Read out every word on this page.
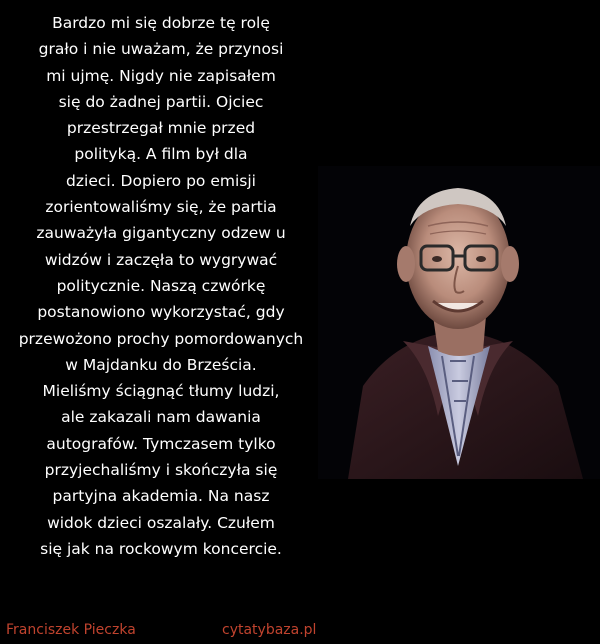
Bardzo mi się dobrze tę rolę
grało i nie uważam, że przynosi
mi ujmę. Nigdy nie zapisałem
się do żadnej partii. Ojciec
przestrzegał mnie przed
polityką. A film był dla
dzieci. Dopiero po emisji
zorientowaliśmy się, że partia
zauważyła gigantyczny odzew u
widzów i zaczęła to wygrywać
politycznie. Naszą czwórkę
postanowiono wykorzystać, gdy
przewożono prochy pomordowanych
w Majdanku do Brześcia.
Mieliśmy ściągnąć tłumy ludzi,
ale zakazali nam dawania
autografów. Tymczasem tylko
przyjechaliśmy i skończyła się
partyjna akademia. Na nasz
widok dzieci oszalały. Czułem
się jak na rockowym koncercie.
Franciszek Pieczka	cytatybaza.pl
